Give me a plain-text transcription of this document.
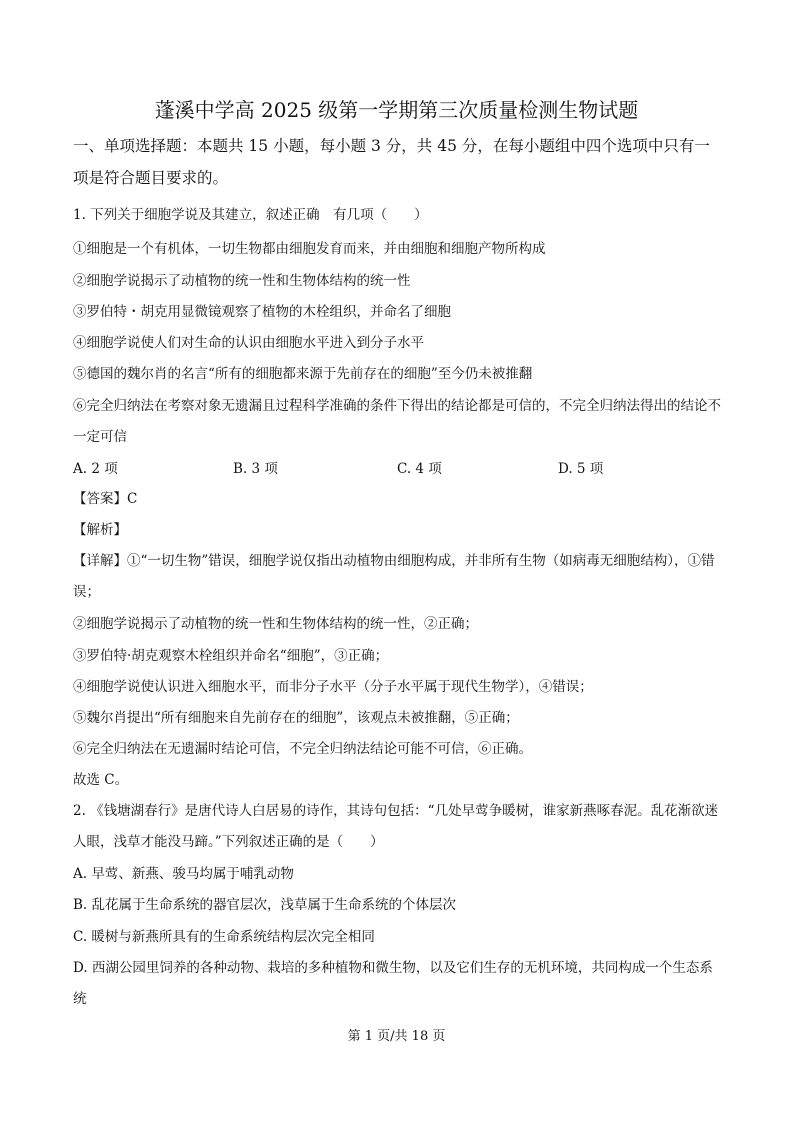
蓬溪中学高 2025 级第一学期第三次质量检测生物试题
一、单项选择题：本题共 15 小题，每小题 3 分，共 45 分，在每小题组中四个选项中只有一项是符合题目要求的。
1. 下列关于细胞学说及其建立，叙述正确　有几项（　　）
①细胞是一个有机体，一切生物都由细胞发育而来，并由细胞和细胞产物所构成
②细胞学说揭示了动植物的统一性和生物体结构的统一性
③罗伯特・胡克用显微镜观察了植物的木栓组织，并命名了细胞
④细胞学说使人们对生命的认识由细胞水平进入到分子水平
⑤德国的魏尔肖的名言“所有的细胞都来源于先前存在的细胞”至今仍未被推翻
⑥完全归纳法在考察对象无遗漏且过程科学准确的条件下得出的结论都是可信的，不完全归纳法得出的结论不一定可信
A. 2 项	B. 3 项	C. 4 项	D. 5 项
【答案】C
【解析】
【详解】①“一切生物”错误，细胞学说仅指出动植物由细胞构成，并非所有生物（如病毒无细胞结构），①错误；
②细胞学说揭示了动植物的统一性和生物体结构的统一性，②正确；
③罗伯特·胡克观察木栓组织并命名“细胞”，③正确；
④细胞学说使认识进入细胞水平，而非分子水平（分子水平属于现代生物学），④错误；
⑤魏尔肖提出“所有细胞来自先前存在的细胞”，该观点未被推翻，⑤正确；
⑥完全归纳法在无遗漏时结论可信，不完全归纳法结论可能不可信，⑥正确。
故选 C。
2. 《钱塘湖春行》是唐代诗人白居易的诗作，其诗句包括：“几处早莺争暖树，谁家新燕啄春泥。乱花渐欲迷人眼，浅草才能没马蹄。”下列叙述正确的是（　　）
A. 早莺、新燕、骏马均属于哺乳动物
B. 乱花属于生命系统的器官层次，浅草属于生命系统的个体层次
C. 暖树与新燕所具有的生命系统结构层次完全相同
D. 西湖公园里饲养的各种动物、栽培的多种植物和微生物，以及它们生存的无机环境，共同构成一个生态系统
第 1 页/共 18 页
